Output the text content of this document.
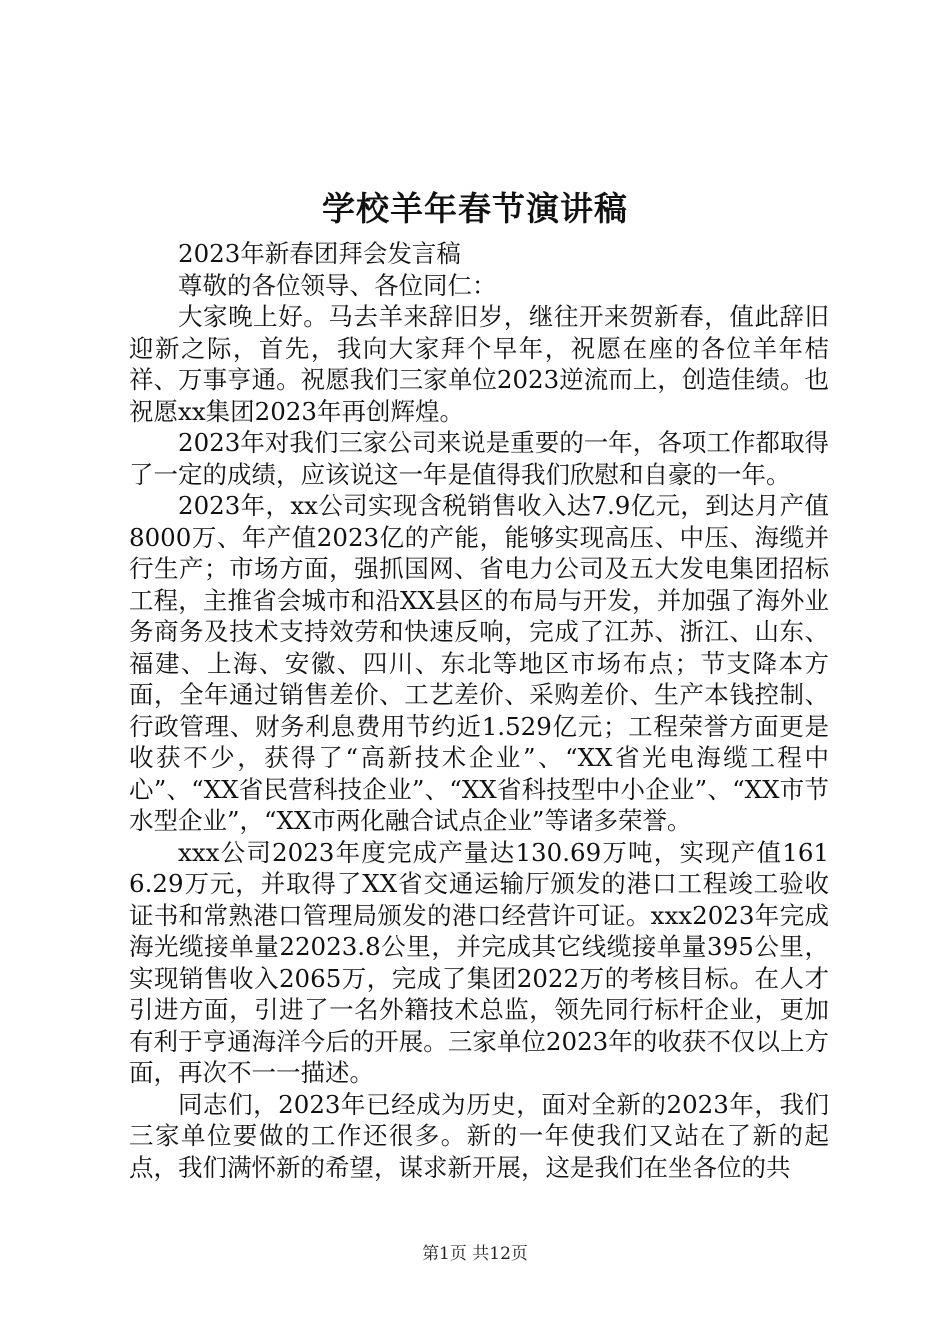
学校羊年春节演讲稿

2023年新春团拜会发言稿

尊敬的各位领导、各位同仁：

大家晚上好。马去羊来辞旧岁，继往开来贺新春，值此辞旧迎新之际，首先，我向大家拜个早年，祝愿在座的各位羊年桔祥、万事亨通。祝愿我们三家单位2023逆流而上，创造佳绩。也祝愿xx集团2023年再创辉煌。

2023年对我们三家公司来说是重要的一年，各项工作都取得了一定的成绩，应该说这一年是值得我们欣慰和自豪的一年。

2023年，xx公司实现含税销售收入达7.9亿元，到达月产值8000万、年产值2023亿的产能，能够实现高压、中压、海缆并行生产；市场方面，强抓国网、省电力公司及五大发电集团招标工程，主推省会城市和沿XX县区的布局与开发，并加强了海外业务商务及技术支持效劳和快速反响，完成了江苏、浙江、山东、福建、上海、安徽、四川、东北等地区市场布点；节支降本方面，全年通过销售差价、工艺差价、采购差价、生产本钱控制、行政管理、财务利息费用节约近1.529亿元；工程荣誉方面更是收获不少，获得了“高新技术企业”、“XX省光电海缆工程中心”、“XX省民营科技企业”、“XX省科技型中小企业”、“XX市节水型企业”，“XX市两化融合试点企业”等诸多荣誉。

xxx公司2023年度完成产量达130.69万吨，实现产值1616.29万元，并取得了XX省交通运输厅颁发的港口工程竣工验收证书和常熟港口管理局颁发的港口经营许可证。xxx2023年完成海光缆接单量22023.8公里，并完成其它线缆接单量395公里，实现销售收入2065万，完成了集团2022万的考核目标。在人才引进方面，引进了一名外籍技术总监，领先同行标杆企业，更加有利于亨通海洋今后的开展。三家单位2023年的收获不仅以上方面，再次不一一描述。

同志们，2023年已经成为历史，面对全新的2023年，我们三家单位要做的工作还很多。新的一年使我们又站在了新的起点，我们满怀新的希望，谋求新开展，这是我们在坐各位的共

第1页 共12页
